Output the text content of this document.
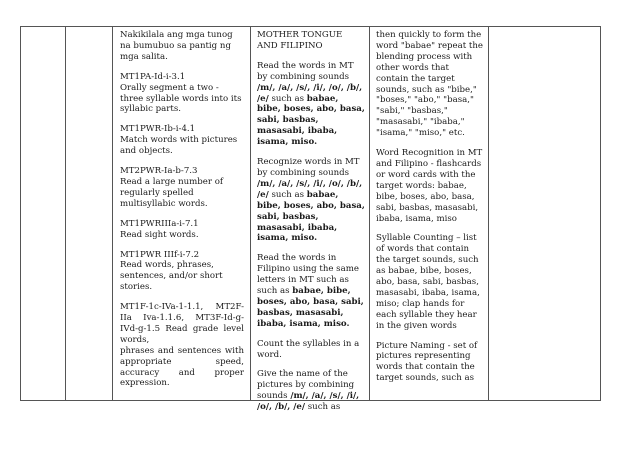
Nakikilala ang mga tunog na bumubuo sa pantig ng mga salita.

MT1PA-Id-i-3.1
Orally segment a two - three syllable words into its syllabic parts.

MT1PWR-Ib-i-4.1
Match words with pictures and objects.

MT2PWR-Ia-b-7.3
Read a large number of regularly spelled multisyllabic words.

MT1PWRIIIa-i-7.1
Read sight words.

MT1PWR IIIf-i-7.2
Read words, phrases, sentences, and/or short stories.

MT1F-1c-IVa-1-1.1, MT2F-IIa Iva-1.1.6, MT3F-Id-g-IVd-g-1.5 Read grade level words,
phrases and sentences with appropriate speed, accuracy and proper expression.

MOTHER TONGUE
AND FILIPINO

Read the words in MT by combining sounds /m/, /a/, /s/, /i/, /o/, /b/, /e/ such as babae, bibe, boses, abo, basa, sabi, basbas, masasabi, ibaba, isama, miso.

Recognize words in MT by combining sounds /m/, /a/, /s/, /i/, /o/, /b/, /e/ such as babae, bibe, boses, abo, basa, sabi, basbas, masasabi, ibaba, isama, miso.

Read the words in Filipino using the same letters in MT such as such as babae, bibe, boses, abo, basa, sabi, basbas, masasabi, ibaba, isama, miso.

Count the syllables in a word.

Give the name of the pictures by combining sounds /m/, /a/, /s/, /i/, /o/, /b/, /e/ such as

then quickly to form the word "babae" repeat the blending process with other words that contain the target sounds, such as "bibe," "boses," "abo," "basa," "sabi," "basbas," "masasabi," "ibaba," "isama," "miso," etc.

Word Recognition in MT and Filipino - flashcards or word cards with the target words: babae, bibe, boses, abo, basa, sabi, basbas, masasabi, ibaba, isama, miso

Syllable Counting – list of words that contain the target sounds, such as babae, bibe, boses, abo, basa, sabi, basbas, masasabi, ibaba, isama, miso; clap hands for each syllable they hear in the given words

Picture Naming - set of pictures representing words that contain the target sounds, such as
